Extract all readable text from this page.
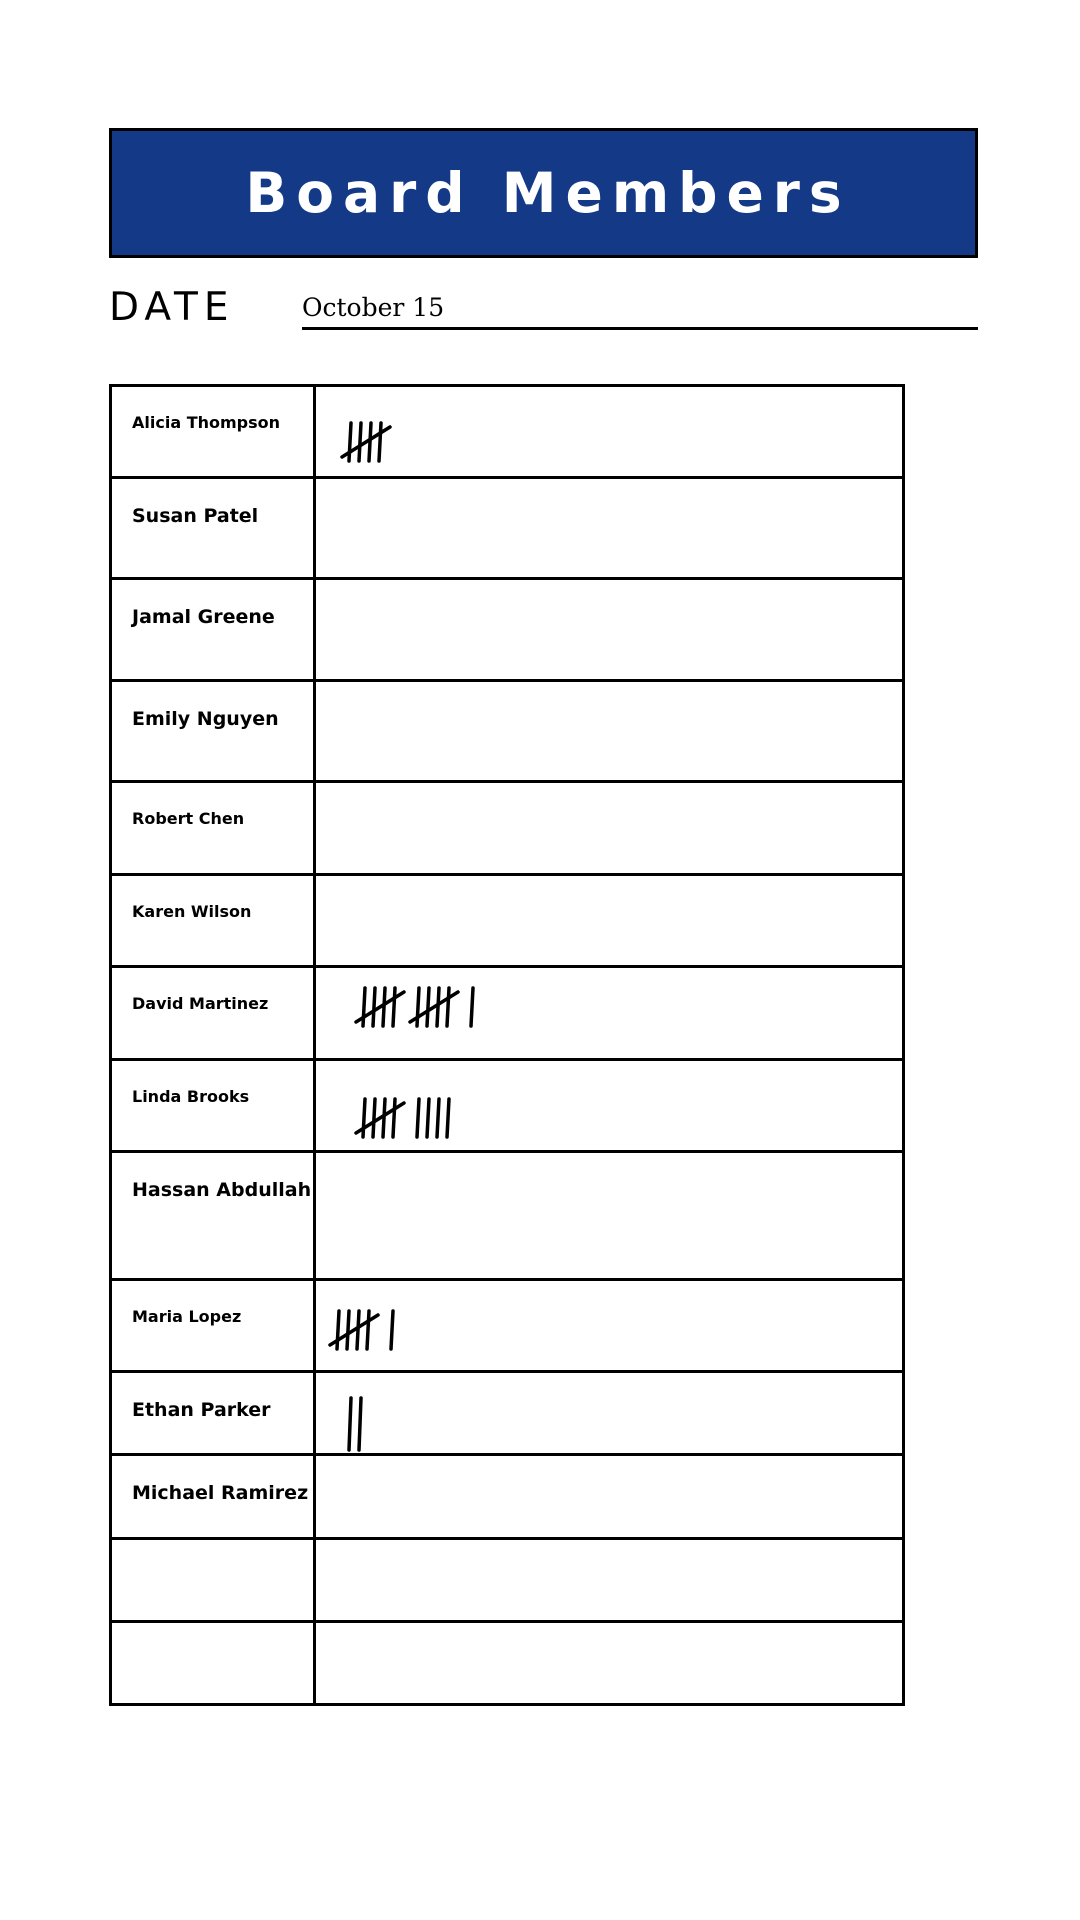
Board Members
DATE	October 15
Alicia Thompson
Susan Patel
Jamal Greene
Emily Nguyen
Robert Chen
Karen Wilson
David Martinez
Linda Brooks
Hassan Abdullah
Maria Lopez
Ethan Parker
Michael Ramirez
